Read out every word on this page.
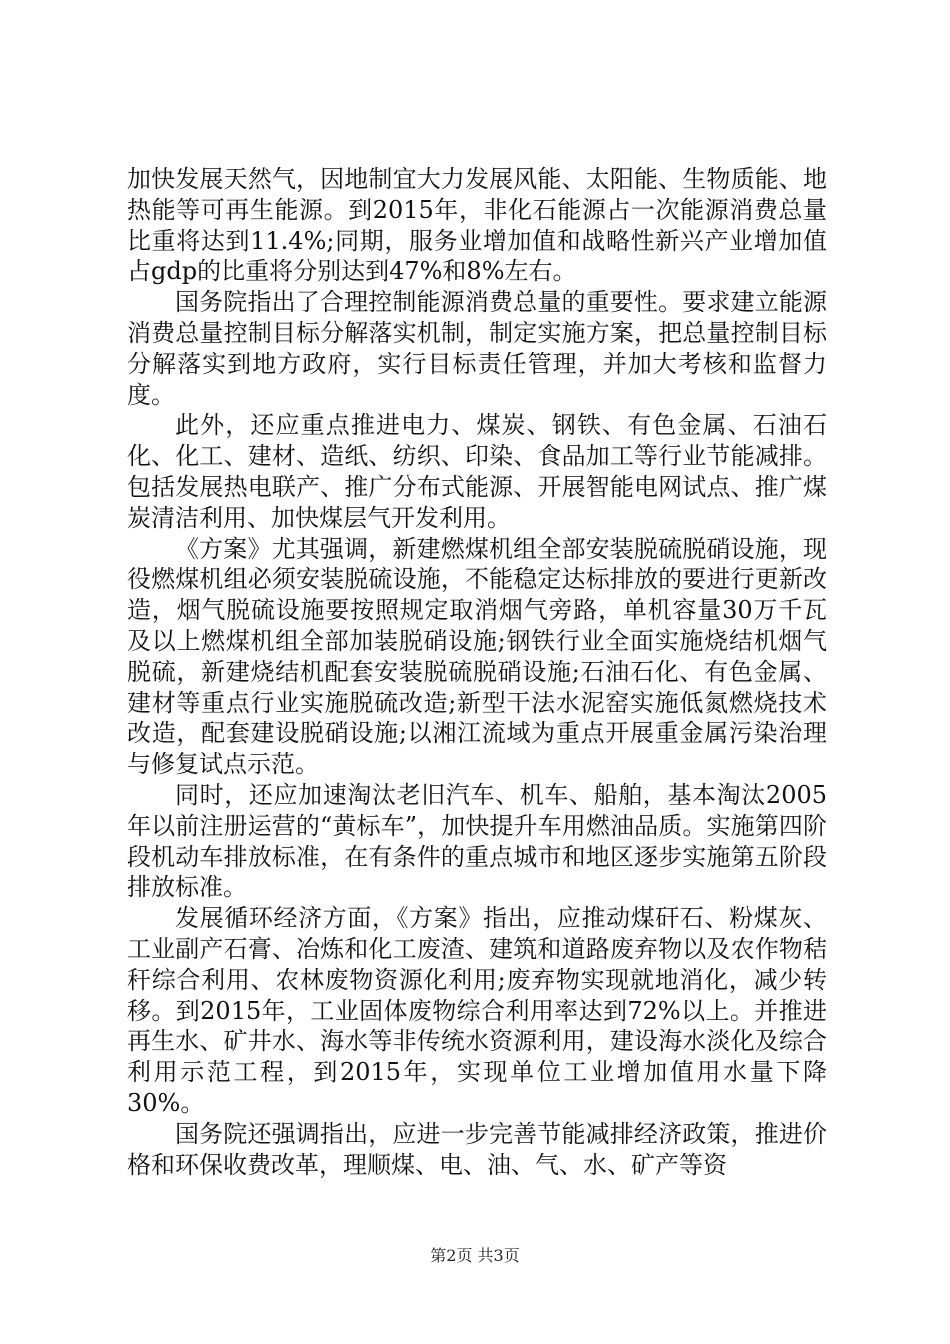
加快发展天然气，因地制宜大力发展风能、太阳能、生物质能、地热能等可再生能源。到2015年，非化石能源占一次能源消费总量比重将达到11.4%;同期，服务业增加值和战略性新兴产业增加值占gdp的比重将分别达到47%和8%左右。

国务院指出了合理控制能源消费总量的重要性。要求建立能源消费总量控制目标分解落实机制，制定实施方案，把总量控制目标分解落实到地方政府，实行目标责任管理，并加大考核和监督力度。

此外，还应重点推进电力、煤炭、钢铁、有色金属、石油石化、化工、建材、造纸、纺织、印染、食品加工等行业节能减排。包括发展热电联产、推广分布式能源、开展智能电网试点、推广煤炭清洁利用、加快煤层气开发利用。

《方案》尤其强调，新建燃煤机组全部安装脱硫脱硝设施，现役燃煤机组必须安装脱硫设施，不能稳定达标排放的要进行更新改造，烟气脱硫设施要按照规定取消烟气旁路，单机容量30万千瓦及以上燃煤机组全部加装脱硝设施;钢铁行业全面实施烧结机烟气脱硫，新建烧结机配套安装脱硫脱硝设施;石油石化、有色金属、建材等重点行业实施脱硫改造;新型干法水泥窑实施低氮燃烧技术改造，配套建设脱硝设施;以湘江流域为重点开展重金属污染治理与修复试点示范。

同时，还应加速淘汰老旧汽车、机车、船舶，基本淘汰2005年以前注册运营的“黄标车”，加快提升车用燃油品质。实施第四阶段机动车排放标准，在有条件的重点城市和地区逐步实施第五阶段排放标准。

发展循环经济方面，《方案》指出，应推动煤矸石、粉煤灰、工业副产石膏、冶炼和化工废渣、建筑和道路废弃物以及农作物秸秆综合利用、农林废物资源化利用;废弃物实现就地消化，减少转移。到2015年，工业固体废物综合利用率达到72%以上。并推进再生水、矿井水、海水等非传统水资源利用，建设海水淡化及综合利用示范工程，到2015年，实现单位工业增加值用水量下降30%。

国务院还强调指出，应进一步完善节能减排经济政策，推进价格和环保收费改革，理顺煤、电、油、气、水、矿产等资

第2页 共3页
